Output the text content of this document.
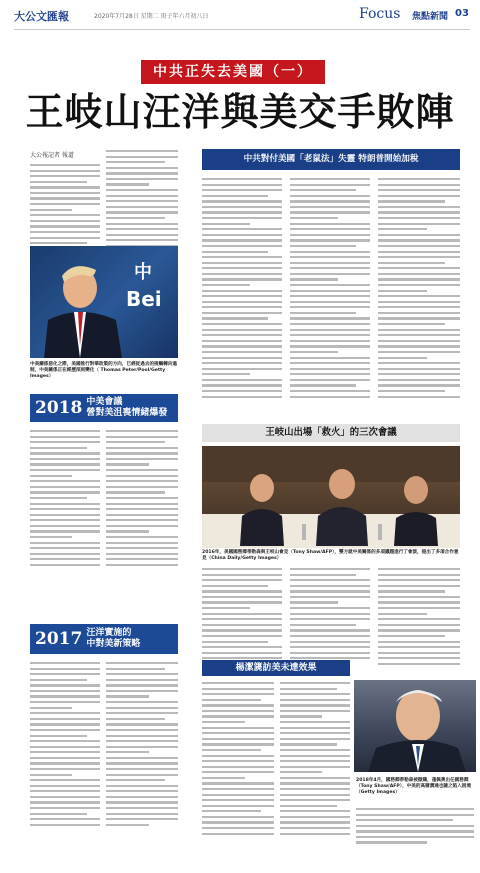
大公文匯報	2020年7月28日 星期二 庚子年六月初八日	Focus 焦點新聞 03
中共正失去美國（一）
王岐山汪洋與美交手敗陣
大公報記者 報道
Bei
中
中美關係惡化之際，美國推行對華政策的方向，已經從過去的接觸轉向遏制，中美關係正在經歷深刻變化（ Thomas Peter/Pool/Getty Images）
2018 中美會議
營對美沮喪情緒爆發
2017 汪洋實施的
中對美新策略
中共對付美國「老鼠法」失靈 特朗普開始加稅
王岐山出場「救火」的三次會議
2016年，美國國務卿蒂勒森與王岐山會見（Tony Shaw/AFP），雙方就中美關係的多項議題進行了會談，提出了多項合作意見（China Daily/Getty Images）
楊潔篪訪美未達效果
2018年4月，國務卿蒂勒森被撤職，蓬佩奧出任國務卿（Tony Shaw/AFP），中美的高層溝通也隨之陷入困境（Getty Images）
